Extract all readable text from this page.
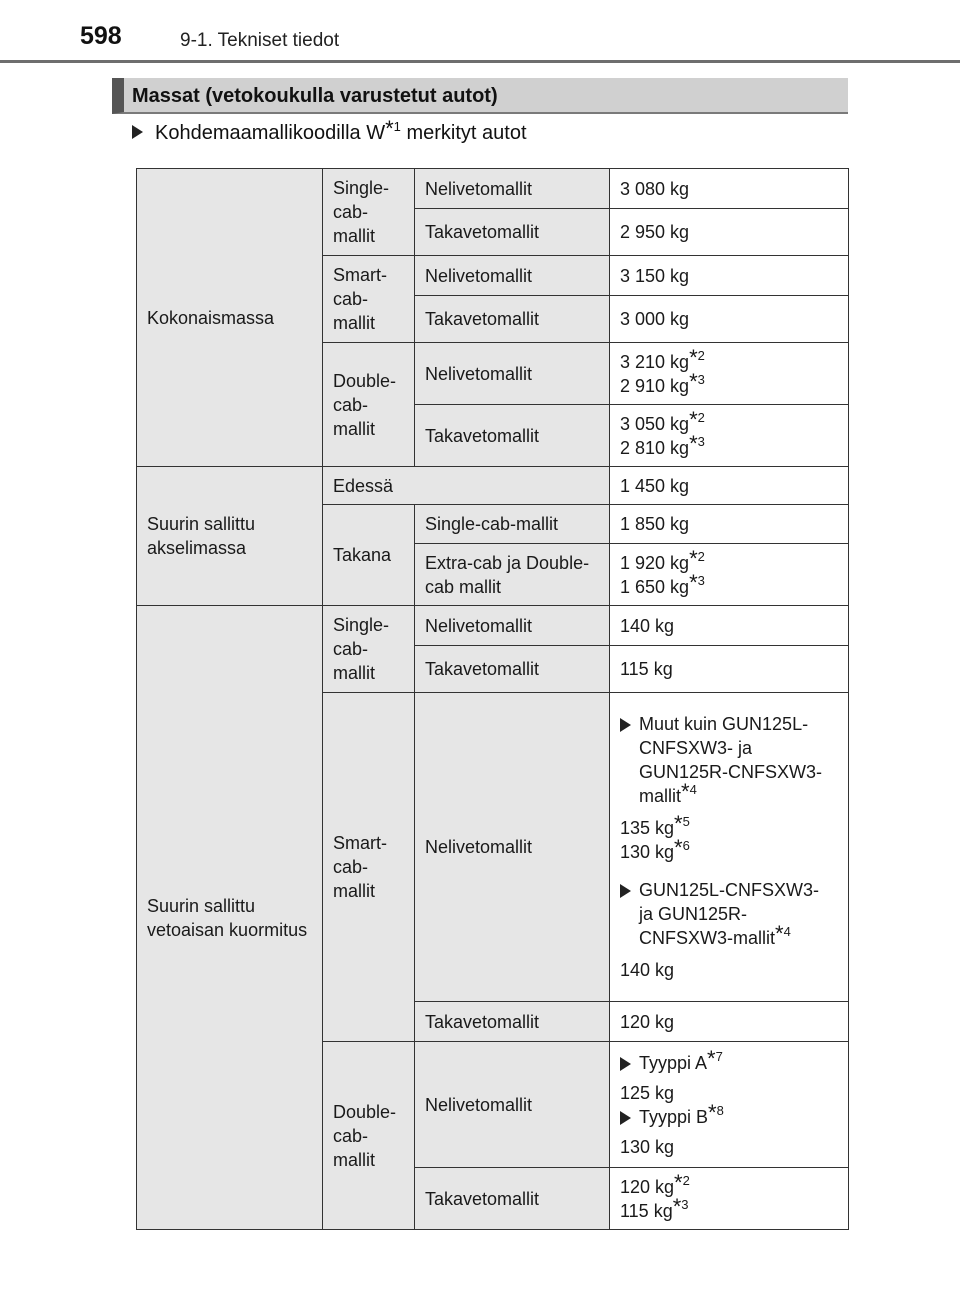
598	9-1. Tekniset tiedot
Massat (vetokoukulla varustetut autot)
Kohdemaamallikoodilla $W^{*1}$ merkityt autot
Kokonaismassa	Single-cab-mallit	Nelivetomallit	3 080 kg
		Takavetomallit	2 950 kg
	Smart-cab-mallit	Nelivetomallit	3 150 kg
		Takavetomallit	3 000 kg
	Double-cab-mallit	Nelivetomallit	3 210 $kg^{*2}$
2 910 $kg^{*3}$

		Takavetomallit	3 050 $kg^{*2}$
2 810 $kg^{*3}$

Suurin sallittu akselimassa	Edessä		1 450 kg
	Takana	Single-cab-mallit	1 850 kg
		Extra-cab ja Double-cab mallit	1 920 $kg^{*2}$
1 650 $kg^{*3}$

Suurin sallittu vetoaisan kuormitus	Single-cab-mallit	Nelivetomallit	140 kg
		Takavetomallit	115 kg
	Smart-cab-mallit	Nelivetomallit	Muut kuin GUN125L-CNFSXW3- ja GUN125R-CNFSXW3-mallit$^{*4}$
135 $kg^{*5}$
130 $kg^{*6}$
GUN125L-CNFSXW3- ja GUN125R-CNFSXW3-mallit$^{*4}$
140 kg

		Takavetomallit	120 kg
	Double-cab-mallit	Nelivetomallit	Tyyppi $A^{*7}$
125 kg
Tyyppi $B^{*8}$
130 kg

		Takavetomallit	120 $kg^{*2}$
115 $kg^{*3}$
